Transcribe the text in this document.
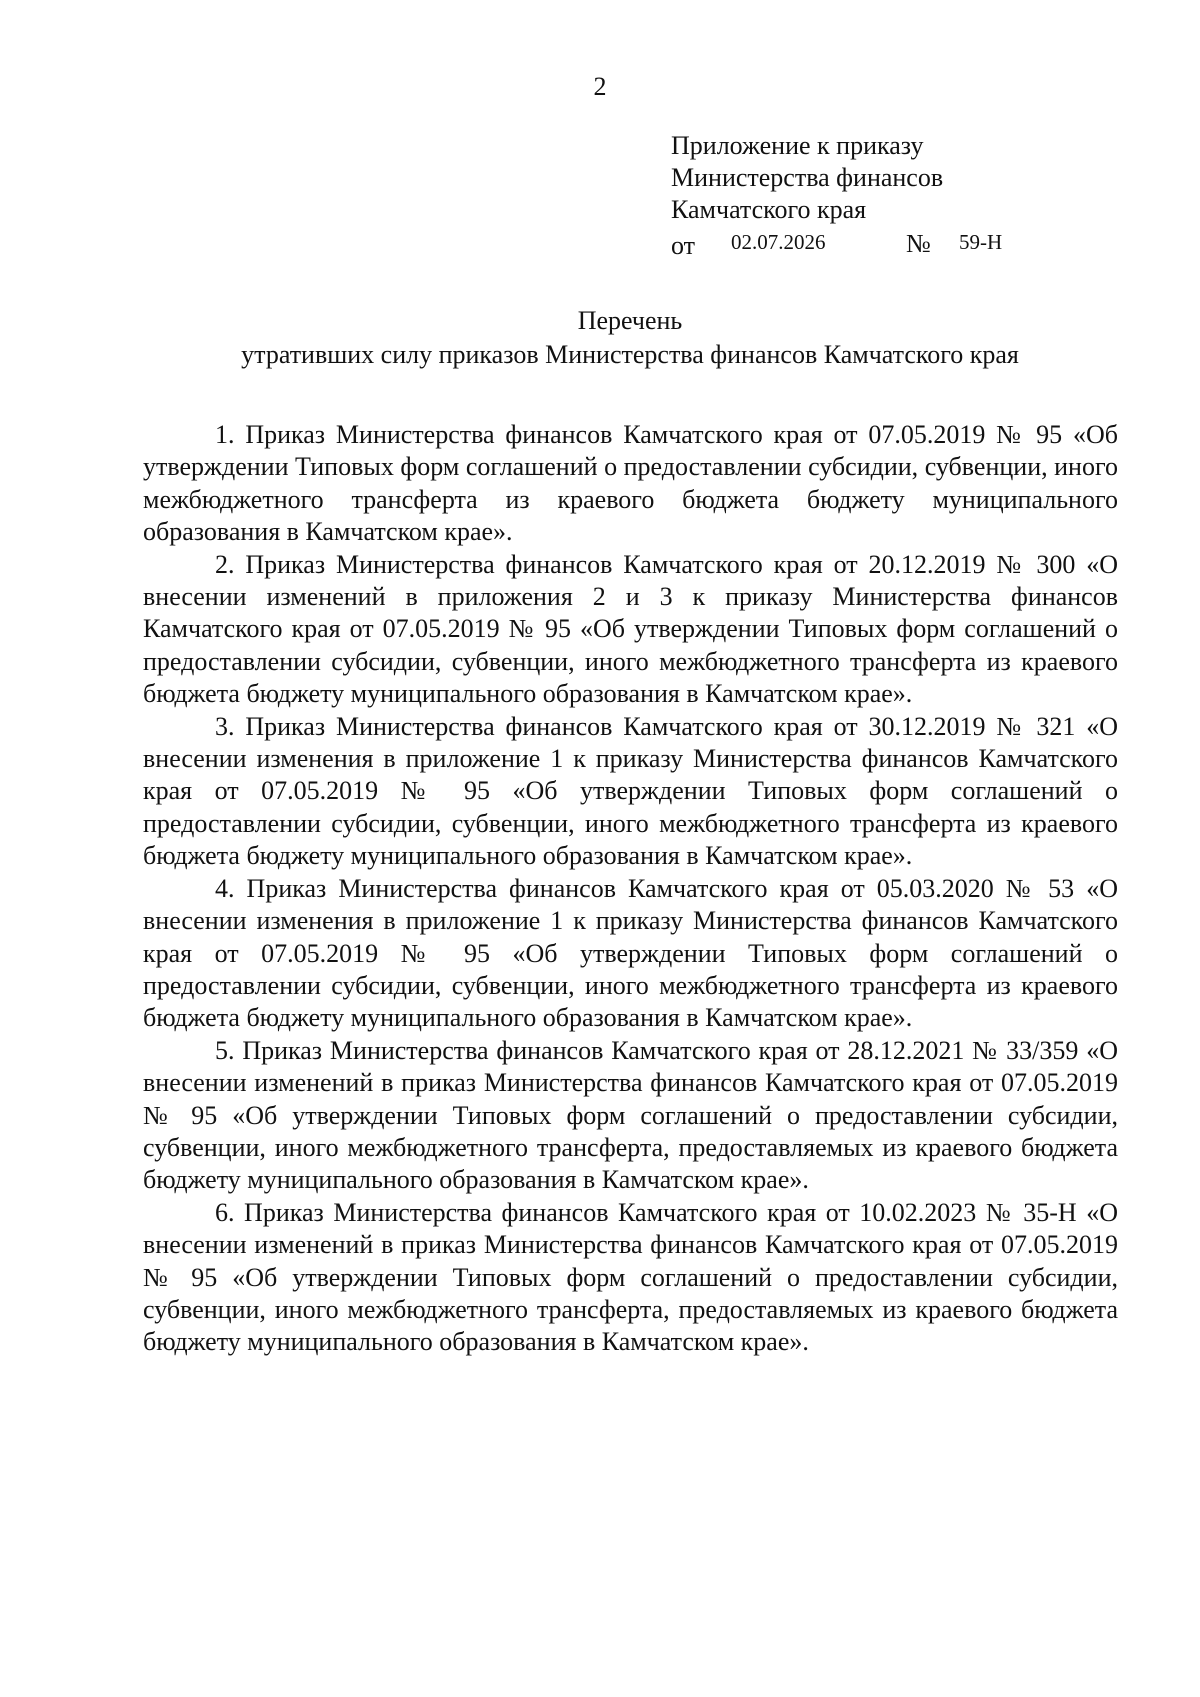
2
Приложение к приказу
Министерства финансов
Камчатского края
от 02.07.2026	№ 59-Н
Перечень
утративших силу приказов Министерства финансов Камчатского края

1. Приказ Министерства финансов Камчатского края от 07.05.2019 № 95 «Об утверждении Типовых форм соглашений о предоставлении субсидии, субвенции, иного межбюджетного трансферта из краевого бюджета бюджету муниципального образования в Камчатском крае».

2. Приказ Министерства финансов Камчатского края от 20.12.2019 № 300 «О внесении изменений в приложения 2 и 3 к приказу Министерства финансов Камчатского края от 07.05.2019 № 95 «Об утверждении Типовых форм соглашений о предоставлении субсидии, субвенции, иного межбюджетного трансферта из краевого бюджета бюджету муниципального образования в Камчатском крае».

3. Приказ Министерства финансов Камчатского края от 30.12.2019 № 321 «О внесении изменения в приложение 1 к приказу Министерства финансов Камчатского края от 07.05.2019 № 95 «Об утверждении Типовых форм соглашений о предоставлении субсидии, субвенции, иного межбюджетного трансферта из краевого бюджета бюджету муниципального образования в Камчатском крае».

4. Приказ Министерства финансов Камчатского края от 05.03.2020 № 53 «О внесении изменения в приложение 1 к приказу Министерства финансов Камчатского края от 07.05.2019 № 95 «Об утверждении Типовых форм соглашений о предоставлении субсидии, субвенции, иного межбюджетного трансферта из краевого бюджета бюджету муниципального образования в Камчатском крае».

5. Приказ Министерства финансов Камчатского края от 28.12.2021 № 33/359 «О внесении изменений в приказ Министерства финансов Камчатского края от 07.05.2019 № 95 «Об утверждении Типовых форм соглашений о предоставлении субсидии, субвенции, иного межбюджетного трансферта, предоставляемых из краевого бюджета бюджету муниципального образования в Камчатском крае».

6. Приказ Министерства финансов Камчатского края от 10.02.2023 № 35-Н «О внесении изменений в приказ Министерства финансов Камчатского края от 07.05.2019 № 95 «Об утверждении Типовых форм соглашений о предоставлении субсидии, субвенции, иного межбюджетного трансферта, предоставляемых из краевого бюджета бюджету муниципального образования в Камчатском крае».
